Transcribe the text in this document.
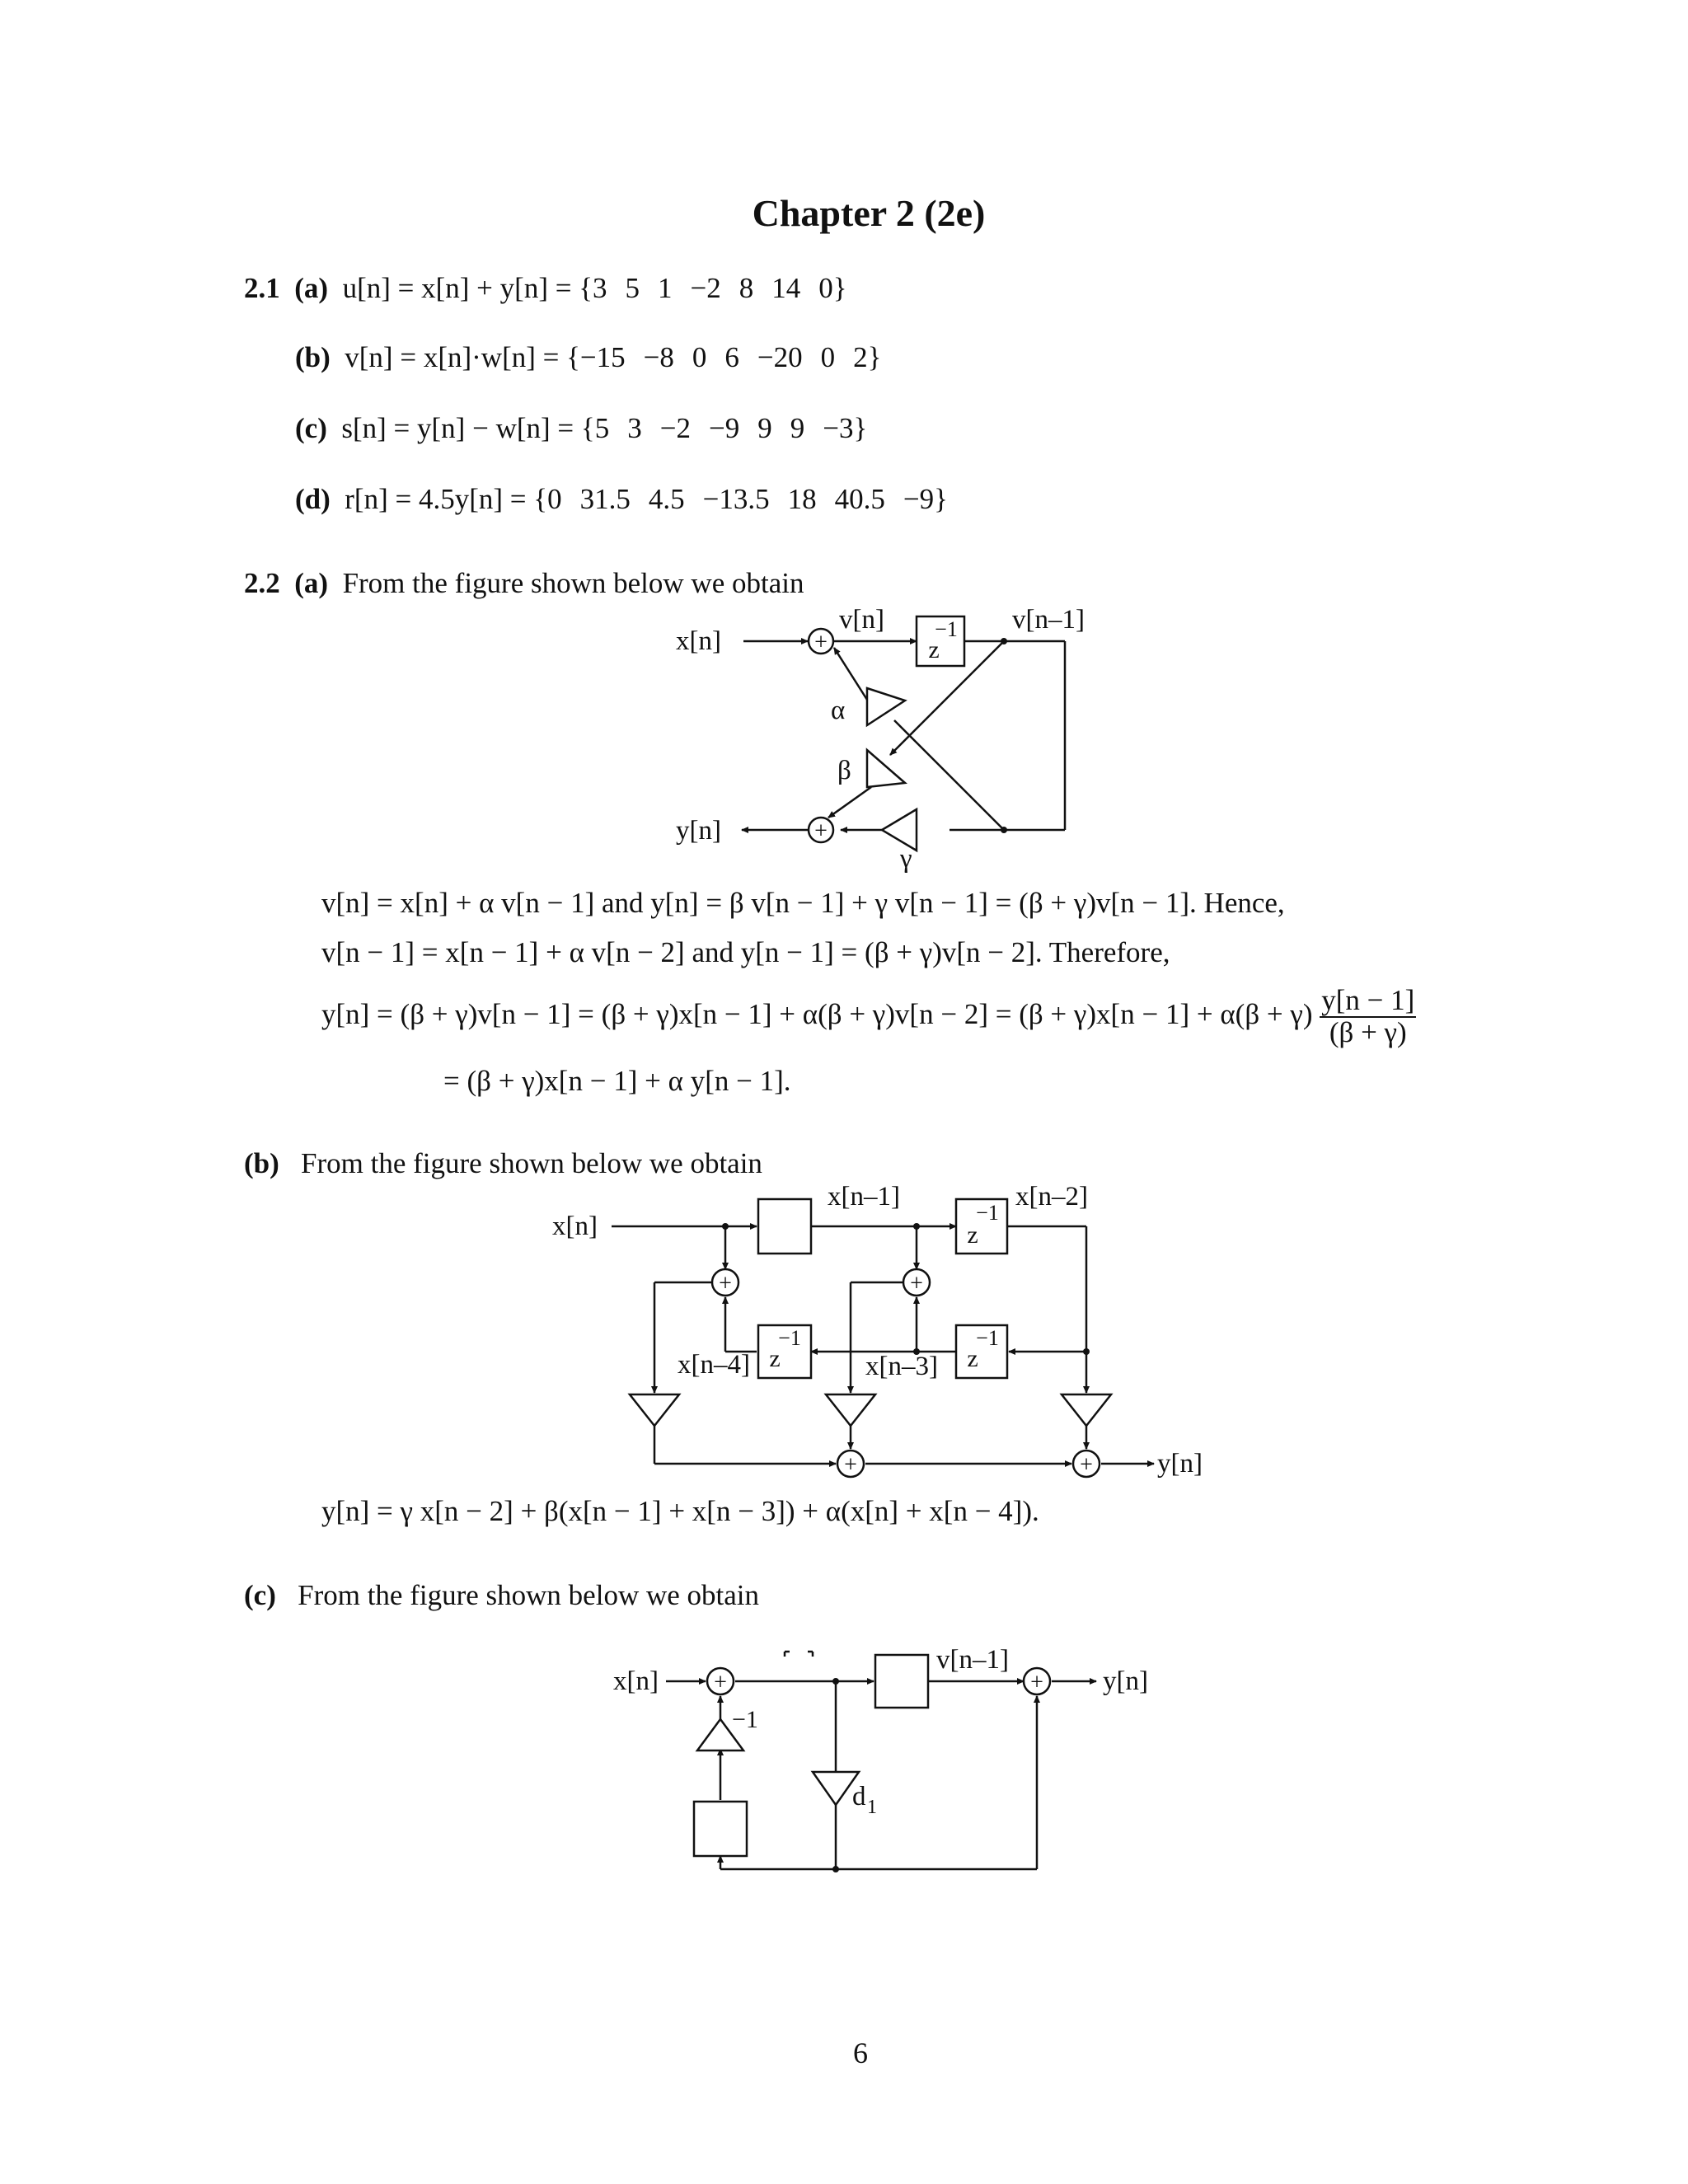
Chapter 2 (2e)
2.1 (a) u[n] = x[n] + y[n] = {3 5 1 −2 8 14 0}
(b) v[n] = x[n]·w[n] = {−15 −8 0 6 −20 0 2}
(c) s[n] = y[n] − w[n] = {5 3 −2 −9 9 9 −3}
(d) r[n] = 4.5y[n] = {0 31.5 4.5 −13.5 18 40.5 −9}
2.2 (a) From the figure shown below we obtain
+
+
−1
z
x[n]
v[n]	v[n–1]
y[n]
α
β
γ
v[n] = x[n] + α v[n − 1] and y[n] = β v[n − 1] + γ v[n − 1] = (β + γ)v[n − 1]. Hence,
v[n − 1] = x[n − 1] + α v[n − 2] and y[n − 1] = (β + γ)v[n − 2]. Therefore,
$y[n] = (\beta + \gamma)v[n - 1] = (\beta + \gamma)x[n - 1] + \alpha(\beta + \gamma)v[n - 2] = (\beta + \gamma)x[n - 1] + \alpha(\beta + \gamma) \frac{y[n - 1]}{(\beta + \gamma)}$
= (β + γ)x[n − 1] + α y[n − 1].
(b) From the figure shown below we obtain
+	+
+	+
−1
z
−1
z
−1
z
x[n]
x[n–1]	x[n–2]
x[n–4]	x[n–3]
y[n]
y[n] = γ x[n − 2] + β(x[n − 1] + x[n − 3]) + α(x[n] + x[n − 4]).
(c) From the figure shown below we obtain
+	+
x[n]
v[n–1]
y[n]
−1
d 1
6
